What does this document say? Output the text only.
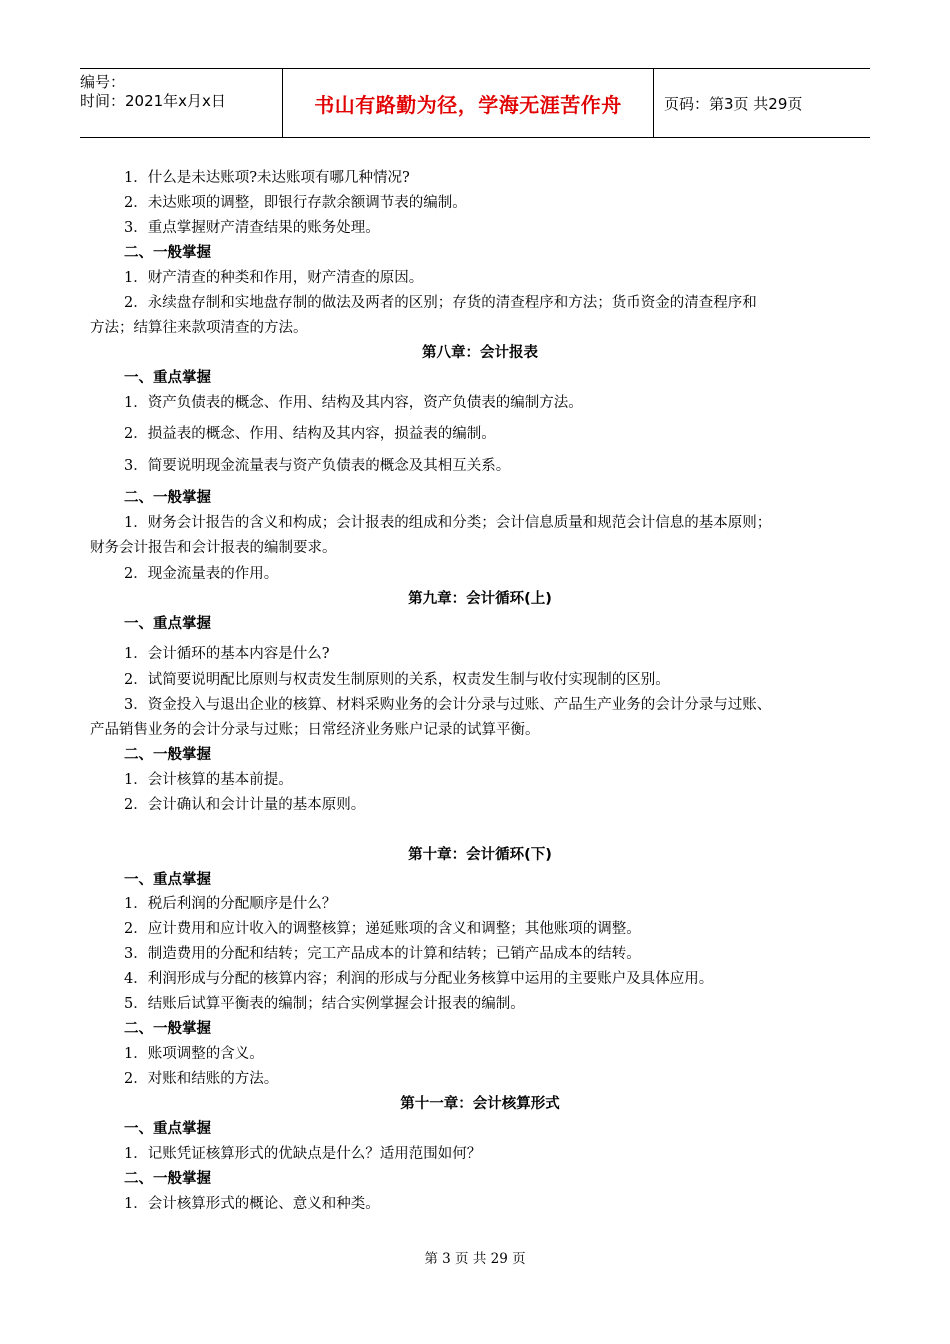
编号：
时间：2021年x月x日	书山有路勤为径，学海无涯苦作舟	页码：第3页 共29页
1．什么是未达账项?未达账项有哪几种情况?
2．未达账项的调整，即银行存款余额调节表的编制。
3．重点掌握财产清查结果的账务处理。
二、一般掌握
1．财产清查的种类和作用，财产清查的原因。
2．永续盘存制和实地盘存制的做法及两者的区别；存货的清查程序和方法；货币资金的清查程序和
方法；结算往来款项清查的方法。
第八章：会计报表
一、重点掌握
1．资产负债表的概念、作用、结构及其内容，资产负债表的编制方法。
2．损益表的概念、作用、结构及其内容，损益表的编制。
3．简要说明现金流量表与资产负债表的概念及其相互关系。
二、一般掌握
1．财务会计报告的含义和构成；会计报表的组成和分类；会计信息质量和规范会计信息的基本原则；
财务会计报告和会计报表的编制要求。
2．现金流量表的作用。
第九章：会计循环(上)
一、重点掌握
1．会计循环的基本内容是什么?
2．试简要说明配比原则与权责发生制原则的关系，权责发生制与收付实现制的区别。
3．资金投入与退出企业的核算、材料采购业务的会计分录与过账、产品生产业务的会计分录与过账、
产品销售业务的会计分录与过账；日常经济业务账户记录的试算平衡。
二、一般掌握
1．会计核算的基本前提。
2．会计确认和会计计量的基本原则。
第十章：会计循环(下)
一、重点掌握
1．税后利润的分配顺序是什么？
2．应计费用和应计收入的调整核算；递延账项的含义和调整；其他账项的调整。
3．制造费用的分配和结转；完工产品成本的计算和结转；已销产品成本的结转。
4．利润形成与分配的核算内容；利润的形成与分配业务核算中运用的主要账户及具体应用。
5．结账后试算平衡表的编制；结合实例掌握会计报表的编制。
二、一般掌握
1．账项调整的含义。
2．对账和结账的方法。
第十一章：会计核算形式
一、重点掌握
1．记账凭证核算形式的优缺点是什么？适用范围如何？
二、一般掌握
1．会计核算形式的概论、意义和种类。
第 3 页 共 29 页
